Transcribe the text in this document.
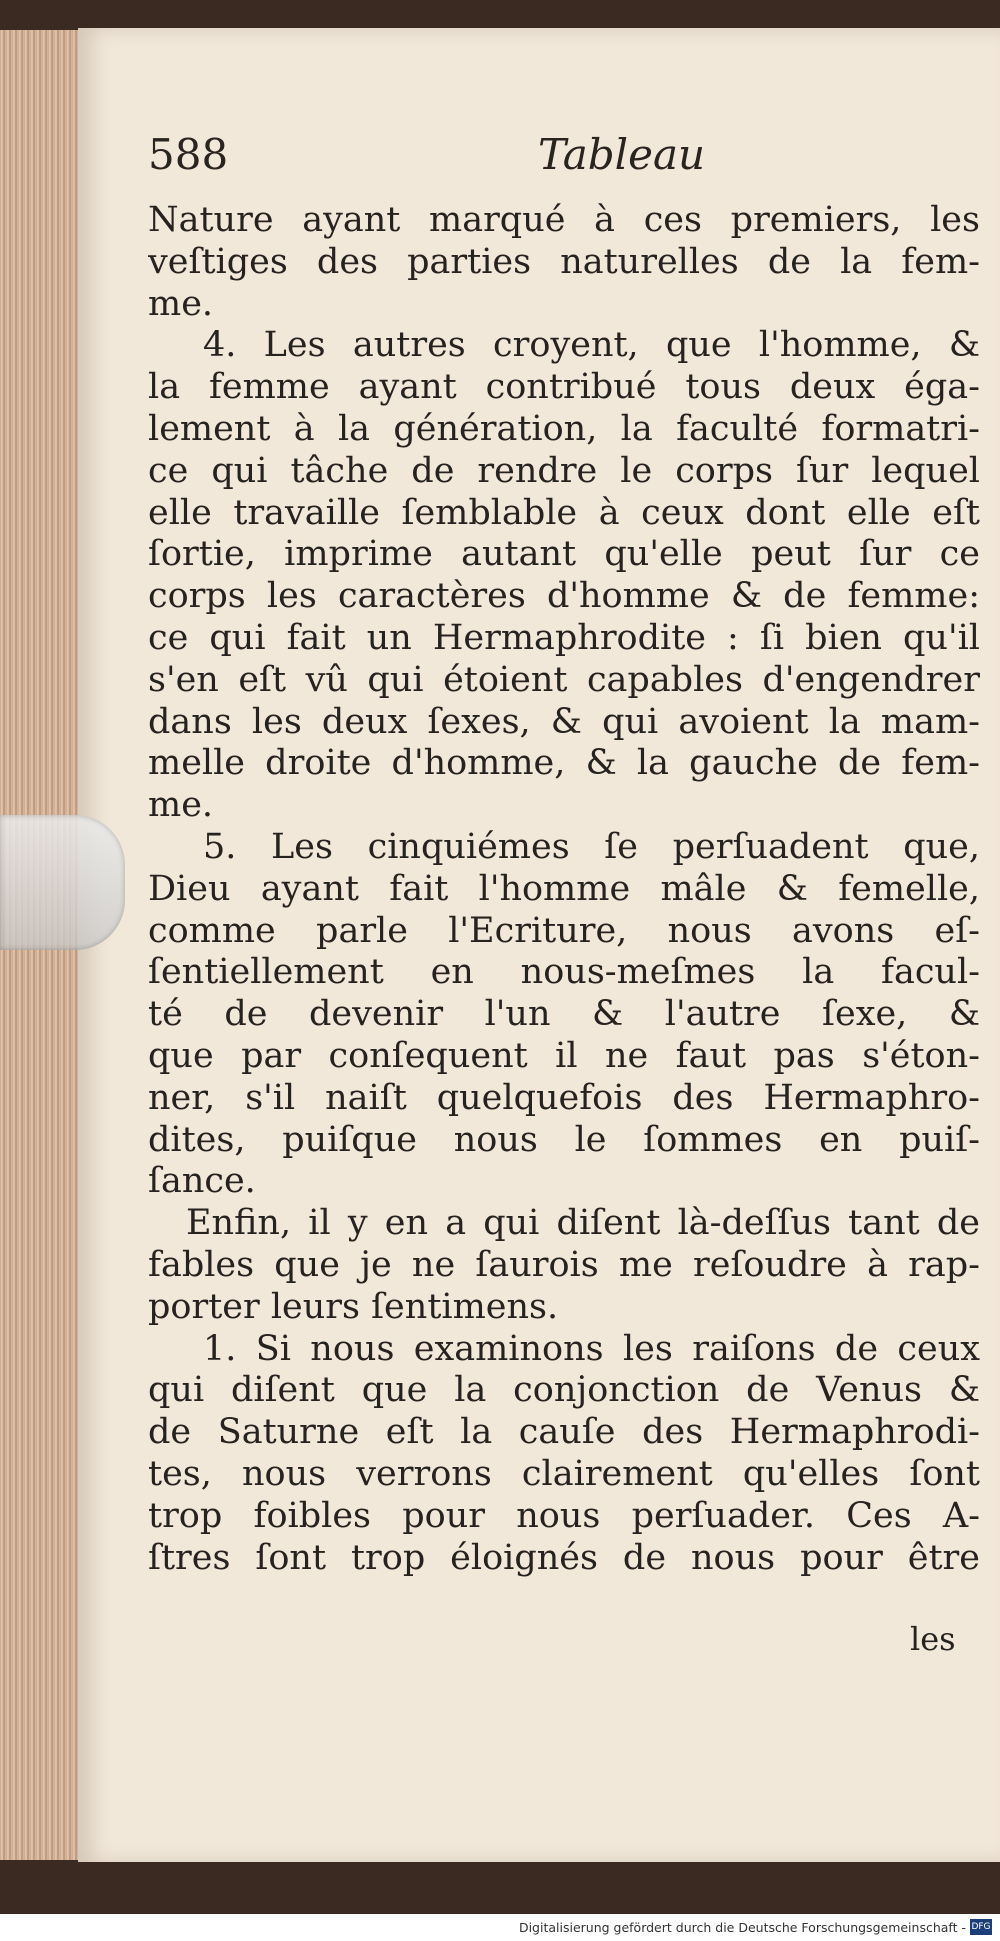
588	Tableau
Nature ayant marqué à ces premiers, les
veſtiges des parties naturelles de la fem-
me.
4. Les autres croyent, que l'homme, &
la femme ayant contribué tous deux éga-
lement à la génération, la faculté formatri-
ce qui tâche de rendre le corps ſur lequel
elle travaille ſemblable à ceux dont elle eſt
ſortie, imprime autant qu'elle peut ſur ce
corps les caractères d'homme & de femme:
ce qui fait un Hermaphrodite : ſi bien qu'il
s'en eſt vû qui étoient capables d'engendrer
dans les deux ſexes, & qui avoient la mam-
melle droite d'homme, & la gauche de fem-
me.
5. Les cinquiémes ſe perſuadent que,
Dieu ayant fait l'homme mâle & femelle,
comme parle l'Ecriture, nous avons eſ-
ſentiellement en nous-meſmes la facul-
té de devenir l'un & l'autre ſexe, &
que par conſequent il ne faut pas s'éton-
ner, s'il naiſt quelquefois des Hermaphro-
dites, puiſque nous le ſommes en puiſ-
ſance.
Enfin, il y en a qui diſent là-deſſus tant de
fables que je ne ſaurois me reſoudre à rap-
porter leurs ſentimens.
1. Si nous examinons les raiſons de ceux
qui diſent que la conjonction de Venus &
de Saturne eſt la cauſe des Hermaphrodi-
tes, nous verrons clairement qu'elles ſont
trop foibles pour nous perſuader. Ces A-
ſtres ſont trop éloignés de nous pour être
les
Digitalisierung gefördert durch die Deutsche Forschungsgemeinschaft - DFG
